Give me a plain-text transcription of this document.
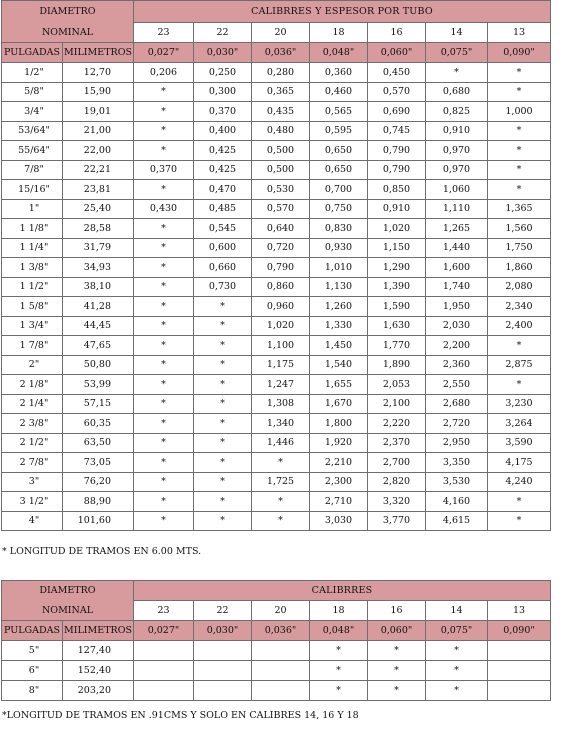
DIAMETRO		CALIBRRES Y ESPESOR POR TUBO						

NOMINAL		23	22	20	18	16	14	13
PULGADAS	MILIMETROS	0,027"	0,030"	0,036"	0,048"	0,060"	0,075"	0,090"
1/2"	12,70	0,206	0,250	0,280	0,360	0,450	*	*
5/8"	15,90	*	0,300	0,365	0,460	0,570	0,680	*
3/4"	19,01	*	0,370	0,435	0,565	0,690	0,825	1,000
53/64"	21,00	*	0,400	0,480	0,595	0,745	0,910	*
55/64"	22,00	*	0,425	0,500	0,650	0,790	0,970	*
7/8"	22,21	0,370	0,425	0,500	0,650	0,790	0,970	*
15/16"	23,81	*	0,470	0,530	0,700	0,850	1,060	*
1"	25,40	0,430	0,485	0,570	0,750	0,910	1,110	1,365
1 1/8"	28,58	*	0,545	0,640	0,830	1,020	1,265	1,560
1 1/4"	31,79	*	0,600	0,720	0,930	1,150	1,440	1,750
1 3/8"	34,93	*	0,660	0,790	1,010	1,290	1,600	1,860
1 1/2"	38,10	*	0,730	0,860	1,130	1,390	1,740	2,080
1 5/8"	41,28	*	*	0,960	1,260	1,590	1,950	2,340
1 3/4"	44,45	*	*	1,020	1,330	1,630	2,030	2,400
1 7/8"	47,65	*	*	1,100	1,450	1,770	2,200	*
2"	50,80	*	*	1,175	1,540	1,890	2,360	2,875
2 1/8"	53,99	*	*	1,247	1,655	2,053	2,550	*
2 1/4"	57,15	*	*	1,308	1,670	2,100	2,680	3,230
2 3/8"	60,35	*	*	1,340	1,800	2,220	2,720	3,264
2 1/2"	63,50	*	*	1,446	1,920	2,370	2,950	3,590
2 7/8"	73,05	*	*	*	2,210	2,700	3,350	4,175
3"	76,20	*	*	1,725	2,300	2,820	3,530	4,240
3 1/2"	88,90	*	*	*	2,710	3,320	4,160	*
4"	101,60	*	*	*	3,030	3,770	4,615	*
* LONGITUD DE TRAMOS EN 6.00 MTS.
DIAMETRO		CALIBRRES						
NOMINAL		23	22	20	18	16	14	13
PULGADAS	MILIMETROS	0,027"	0,030"	0,036"	0,048"	0,060"	0,075"	0,090"
5"	127,40				*	*	*	
6"	152,40				*	*	*	
8"	203,20				*	*	*	
*LONGITUD DE TRAMOS EN .91CMS Y SOLO EN CALIBRES 14, 16 Y 18
